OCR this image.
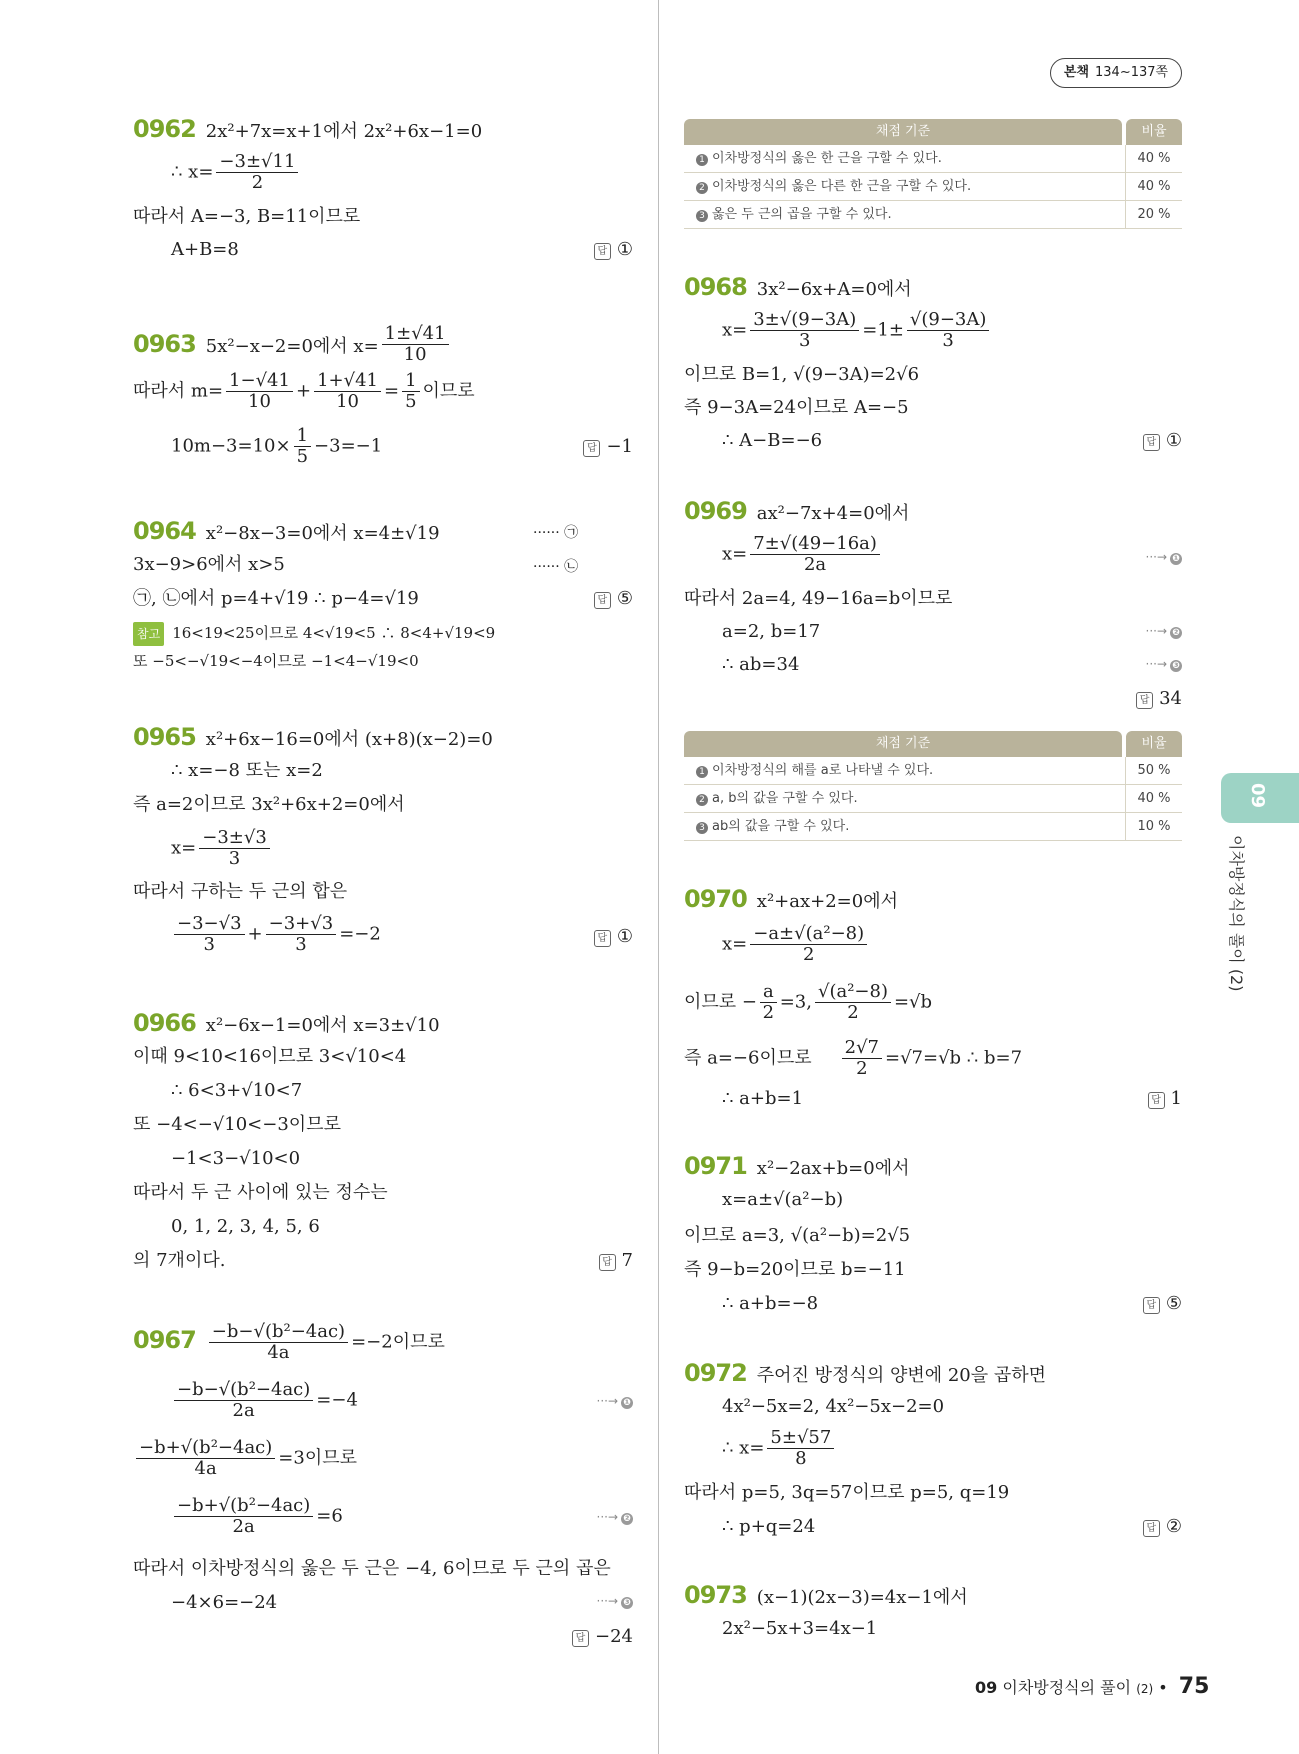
본책 134~137쪽
09
이차방정식의 풀이 (2)
0962 2x²+7x=x+1에서 2x²+6x−1=0
∴ $x= \frac{-3\pm√11}{2}$
따라서 A=−3, B=11이므로
A+B=8	답 ①
0963 5x²−x−2=0에서 $x= \frac{1\pm√41}{10}$
따라서 $m= \frac{1-√41}{10} + \frac{1+√41}{10} = \frac{1}{5}$ 이므로
$10m-3=10\times \frac{1}{5} -3=-1$	답 −1
0964 x²−8x−3=0에서 x=4±√19	······ ㉠
3x−9>6에서 x>5	······ ㉡
㉠, ㉡에서 p=4+√19 ∴ p−4=√19	답 ⑤
참고 16<19<25이므로 4<√19<5 ∴ 8<4+√19<9
또 −5<−√19<−4이므로 −1<4−√19<0
0965 x²+6x−16=0에서 (x+8)(x−2)=0
∴ x=−8 또는 x=2
즉 a=2이므로 3x²+6x+2=0에서
$x= \frac{-3\pm√3}{3}$
따라서 구하는 두 근의 합은
$\frac{-3-√3}{3} + \frac{-3+√3}{3} =-2$	답 ①
0966 x²−6x−1=0에서 x=3±√10
이때 9<10<16이므로 3<√10<4
∴ 6<3+√10<7
또 −4<−√10<−3이므로
−1<3−√10<0
따라서 두 근 사이에 있는 정수는
0, 1, 2, 3, 4, 5, 6
의 7개이다.	답 7
$0967 \frac{\text{−b−√(b²−4ac)}}{4a} =-2$이므로
$\frac{\text{−b−√(b²−4ac)}}{2a} =-4$	···→ ❶
$\frac{\text{−b+√(b²−4ac)}}{4a} =3$이므로
$\frac{\text{−b+√(b²−4ac)}}{2a} =6$	···→ ❷
따라서 이차방정식의 옳은 두 근은 −4, 6이므로 두 근의 곱은
−4×6=−24	···→ ❸
답 −24
채점 기준	비율
1 이차방정식의 옳은 한 근을 구할 수 있다.	40 %
2 이차방정식의 옳은 다른 한 근을 구할 수 있다.	40 %
3 옳은 두 근의 곱을 구할 수 있다.	20 %
0968 3x²−6x+A=0에서
$x= \frac{3\pm√(9-3A)}{3} =1\pm \frac{√(9-3A)}{3}$
이므로 B=1, √(9−3A)=2√6
즉 9−3A=24이므로 A=−5
∴ A−B=−6	답 ①
0969 ax²−7x+4=0에서
$x= \frac{7\pm√(49-16a)}{2a}$	···→ ❶
따라서 2a=4, 49−16a=b이므로
a=2, b=17	···→ ❷
∴ ab=34	···→ ❸
답 34
채점 기준	비율
1 이차방정식의 해를 a로 나타낼 수 있다.	50 %
2 a, b의 값을 구할 수 있다.	40 %
3 ab의 값을 구할 수 있다.	10 %
0970 x²+ax+2=0에서
$x= \frac{\text{−a±√(a²−8)}}{2}$
이므로 − $\frac{a}{2} =3$, $\frac{\text{√(a²−8)}}{2} =√b$
즉 a=−6이므로 $\frac{2√7}{2} =√7=√b$ ∴ b=7
∴ a+b=1	답 1
0971 x²−2ax+b=0에서
x=a±√(a²−b)
이므로 a=3, √(a²−b)=2√5
즉 9−b=20이므로 b=−11
∴ a+b=−8	답 ⑤
0972 주어진 방정식의 양변에 20을 곱하면
4x²−5x=2, 4x²−5x−2=0
∴ $x= \frac{5\pm√57}{8}$
따라서 p=5, 3q=57이므로 p=5, q=19
∴ p+q=24	답 ②
0973 (x−1)(2x−3)=4x−1에서
2x²−5x+3=4x−1
09 이차방정식의 풀이 (2) • 75
